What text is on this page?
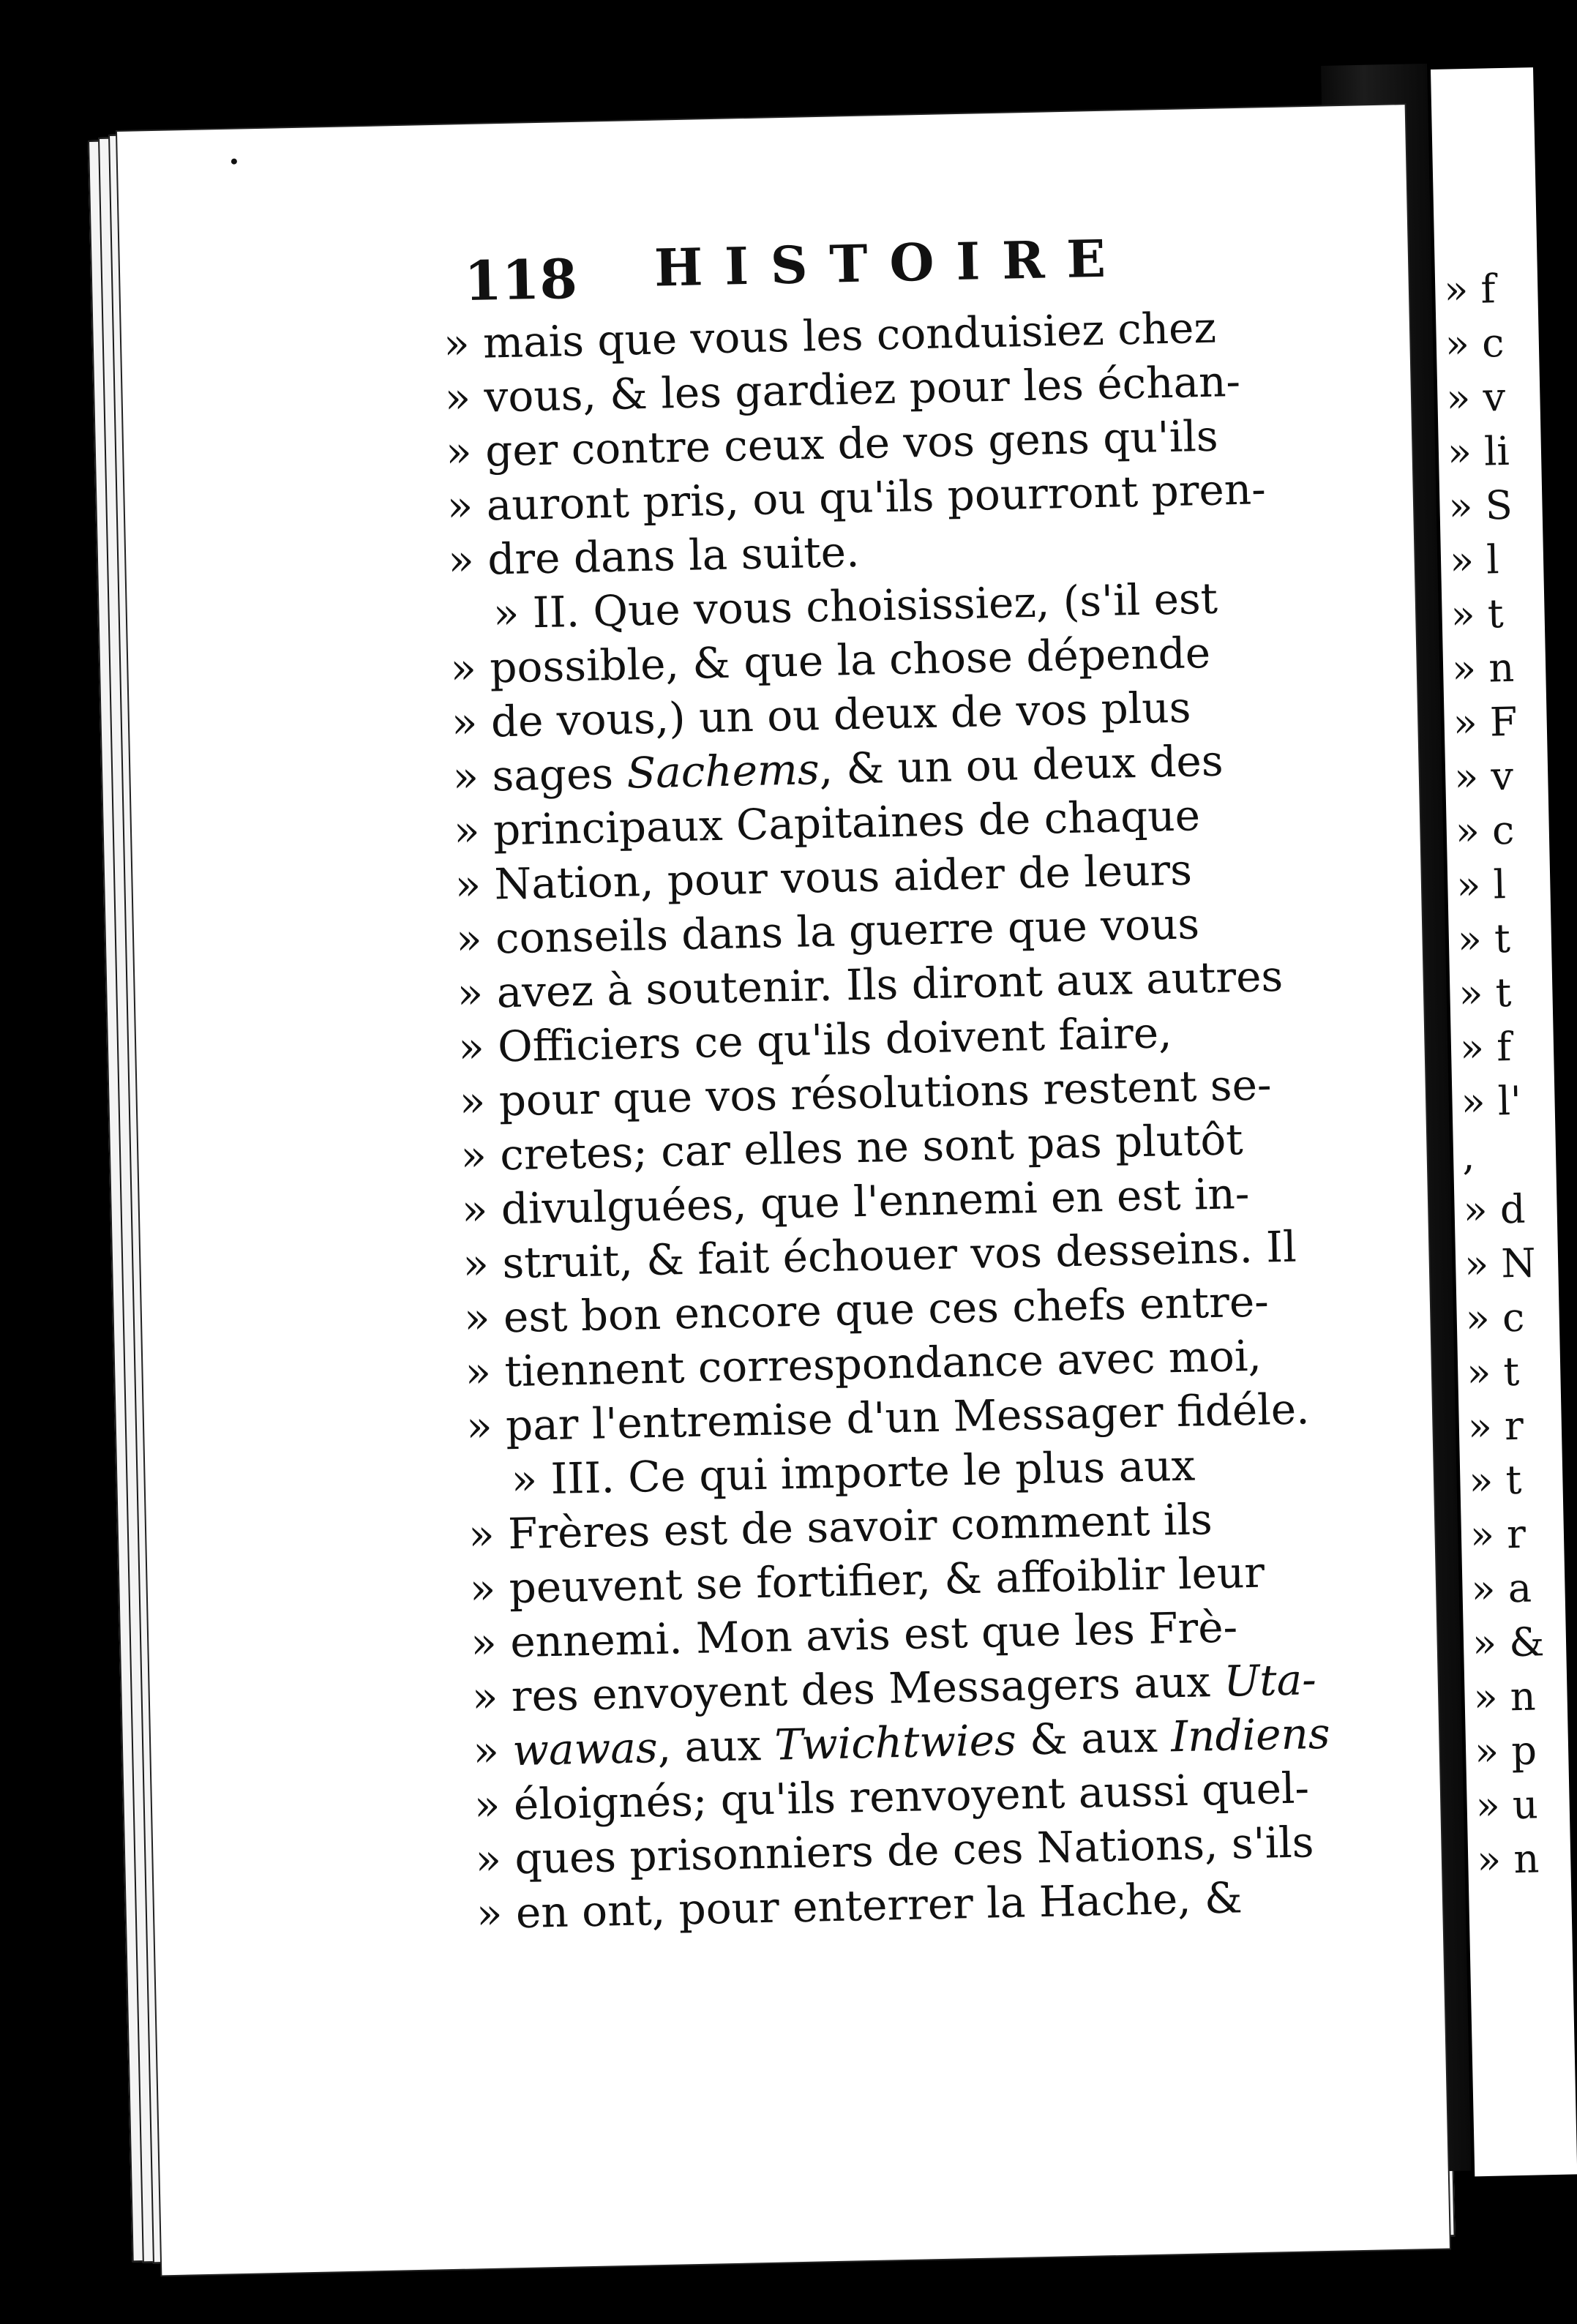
» f
» c
» v
» li
» S
» l
» t
» n
» F
» v
» c
» l
» t
» t
» f
» l'
,
» d
» N
» c
» t
» r
» t
» r
» a
» &
» n
» p
» u
» n
118 HISTOIRE
» mais que vous les conduisiez chez
» vous, & les gardiez pour les échan-
» ger contre ceux de vos gens qu'ils
» auront pris, ou qu'ils pourront pren-
» dre dans la suite.
» II. Que vous choisissiez, (s'il est
» possible, & que la chose dépende
» de vous,) un ou deux de vos plus
» sages Sachems, & un ou deux des
» principaux Capitaines de chaque
» Nation, pour vous aider de leurs
» conseils dans la guerre que vous
» avez à soutenir. Ils diront aux autres
» Officiers ce qu'ils doivent faire,
» pour que vos résolutions restent se-
» cretes; car elles ne sont pas plutôt
» divulguées, que l'ennemi en est in-
» struit, & fait échouer vos desseins. Il
» est bon encore que ces chefs entre-
» tiennent correspondance avec moi,
» par l'entremise d'un Messager fidéle.
» III. Ce qui importe le plus aux
» Frères est de savoir comment ils
» peuvent se fortifier, & affoiblir leur
» ennemi. Mon avis est que les Frè-
» res envoyent des Messagers aux Uta-
» wawas, aux Twichtwies & aux Indiens
» éloignés; qu'ils renvoyent aussi quel-
» ques prisonniers de ces Nations, s'ils
» en ont, pour enterrer la Hache, &
